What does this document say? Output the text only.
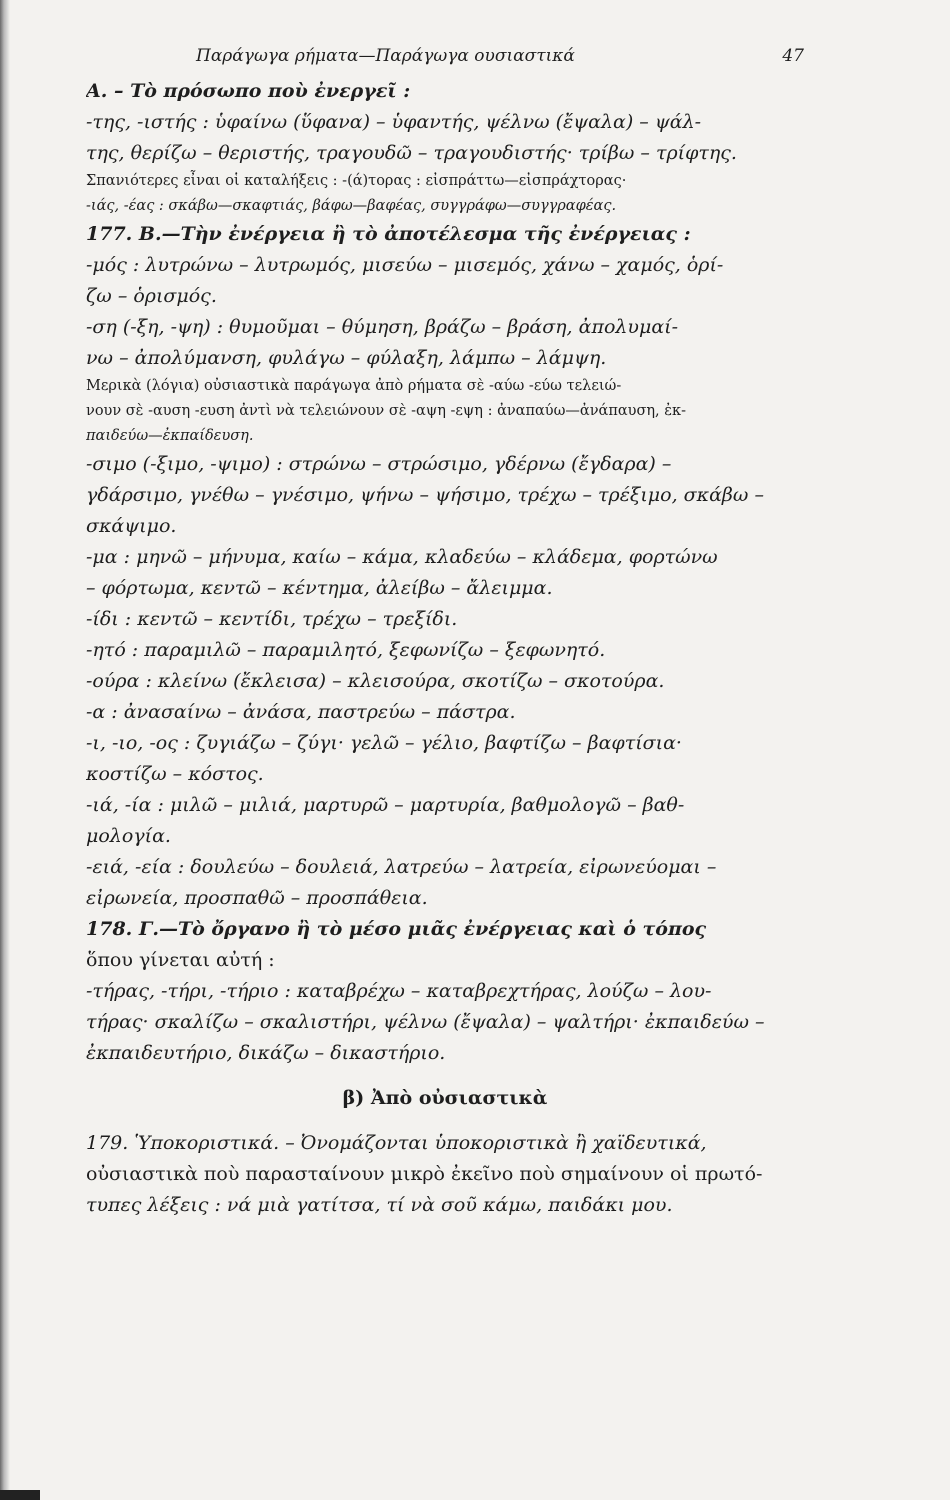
Παράγωγα ρήματα—Παράγωγα ουσιαστικά	47
Α. – Τὸ πρόσωπο ποὺ ἐνεργεῖ :
-της, -ιστής : ὑφαίνω (ὕφανα) – ὑφαντής, ψέλνω (ἔψαλα) – ψάλ-
της, θερίζω – θεριστής, τραγουδῶ – τραγουδιστής· τρίβω – τρίφτης.
Σπανιότερες εἶναι οἱ καταλήξεις : -(ά)τορας : εἰσπράττω—εἰσπράχτορας·
-ιάς, -έας : σκάβω—σκαφτιάς, βάφω—βαφέας, συγγράφω—συγγραφέας.
177. Β.—Τὴν ἐνέργεια ἢ τὸ ἀποτέλεσμα τῆς ἐνέργειας :
-μός : λυτρώνω – λυτρωμός, μισεύω – μισεμός, χάνω – χαμός, ὁρί-
ζω – ὁρισμός.
-ση (-ξη, -ψη) : θυμοῦμαι – θύμηση, βράζω – βράση, ἀπολυμαί-
νω – ἀπολύμανση, φυλάγω – φύλαξη, λάμπω – λάμψη.
Μερικὰ (λόγια) οὐσιαστικὰ παράγωγα ἀπὸ ρήματα σὲ -αύω -εύω τελειώ-
νουν σὲ -αυση -ευση ἀντὶ νὰ τελειώνουν σὲ -αψη -εψη : ἀναπαύω—ἀνάπαυση, ἐκ-
παιδεύω—ἐκπαίδευση.
-σιμο (-ξιμο, -ψιμο) : στρώνω – στρώσιμο, γδέρνω (ἔγδαρα) –
γδάρσιμο, γνέθω – γνέσιμο, ψήνω – ψήσιμο, τρέχω – τρέξιμο, σκάβω –
σκάψιμο.
-μα : μηνῶ – μήνυμα, καίω – κάμα, κλαδεύω – κλάδεμα, φορτώνω
– φόρτωμα, κεντῶ – κέντημα, ἀλείβω – ἄλειμμα.
-ίδι : κεντῶ – κεντίδι, τρέχω – τρεξίδι.
-ητό : παραμιλῶ – παραμιλητό, ξεφωνίζω – ξεφωνητό.
-ούρα : κλείνω (ἔκλεισα) – κλεισούρα, σκοτίζω – σκοτούρα.
-α : ἀνασαίνω – ἀνάσα, παστρεύω – πάστρα.
-ι, -ιο, -ος : ζυγιάζω – ζύγι· γελῶ – γέλιο, βαφτίζω – βαφτίσια·
κοστίζω – κόστος.
-ιά, -ία : μιλῶ – μιλιά, μαρτυρῶ – μαρτυρία, βαθμολογῶ – βαθ-
μολογία.
-ειά, -εία : δουλεύω – δουλειά, λατρεύω – λατρεία, εἰρωνεύομαι –
εἰρωνεία, προσπαθῶ – προσπάθεια.
178. Γ.—Τὸ ὄργανο ἢ τὸ μέσο μιᾶς ἐνέργειας καὶ ὁ τόπος
ὅπου γίνεται αὐτή :
-τήρας, -τήρι, -τήριο : καταβρέχω – καταβρεχτήρας, λούζω – λου-
τήρας· σκαλίζω – σκαλιστήρι, ψέλνω (ἔψαλα) – ψαλτήρι· ἐκπαιδεύω –
ἐκπαιδευτήριο, δικάζω – δικαστήριο.
β) Ἀπὸ οὐσιαστικὰ
179. Ὑποκοριστικά. – Ὀνομάζονται ὑποκοριστικὰ ἢ χαϊδευτικά,
οὐσιαστικὰ ποὺ παρασταίνουν μικρὸ ἐκεῖνο ποὺ σημαίνουν οἱ πρωτό-
τυπες λέξεις : νά μιὰ γατίτσα, τί νὰ σοῦ κάμω, παιδάκι μου.
